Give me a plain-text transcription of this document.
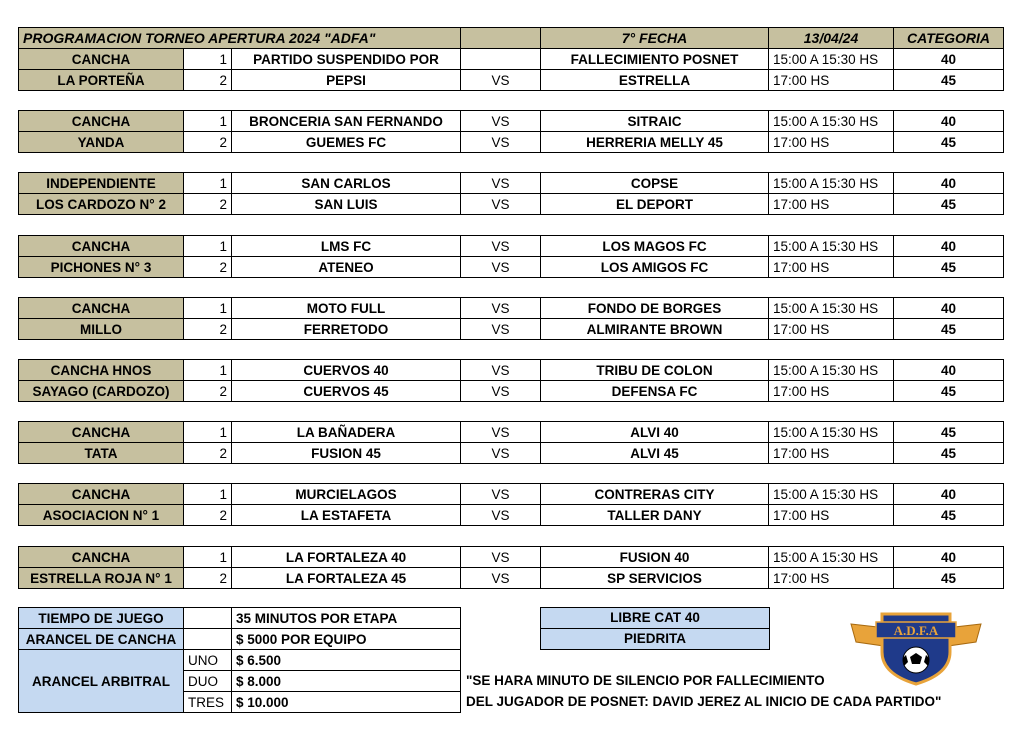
PROGRAMACION TORNEO APERTURA 2024 "ADFA"		7° FECHA	13/04/24	CATEGORIA
CANCHA	1	PARTIDO SUSPENDIDO POR		FALLECIMIENTO POSNET	15:00 A 15:30 HS	40
LA PORTEÑA	2	PEPSI	VS	ESTRELLA	17:00 HS	45
CANCHA	1	BRONCERIA SAN FERNANDO	VS	SITRAIC	15:00 A 15:30 HS	40
YANDA	2	GUEMES FC	VS	HERRERIA MELLY 45	17:00 HS	45
INDEPENDIENTE	1	SAN CARLOS	VS	COPSE	15:00 A 15:30 HS	40
LOS CARDOZO N° 2	2	SAN LUIS	VS	EL DEPORT	17:00 HS	45
CANCHA	1	LMS FC	VS	LOS MAGOS FC	15:00 A 15:30 HS	40
PICHONES N° 3	2	ATENEO	VS	LOS AMIGOS FC	17:00 HS	45
CANCHA	1	MOTO FULL	VS	FONDO DE BORGES	15:00 A 15:30 HS	40
MILLO	2	FERRETODO	VS	ALMIRANTE BROWN	17:00 HS	45
CANCHA HNOS	1	CUERVOS 40	VS	TRIBU DE COLON	15:00 A 15:30 HS	40
SAYAGO (CARDOZO)	2	CUERVOS 45	VS	DEFENSA FC	17:00 HS	45
CANCHA	1	LA BAÑADERA	VS	ALVI 40	15:00 A 15:30 HS	45
TATA	2	FUSION 45	VS	ALVI 45	17:00 HS	45
CANCHA	1	MURCIELAGOS	VS	CONTRERAS CITY	15:00 A 15:30 HS	40
ASOCIACION N° 1	2	LA ESTAFETA	VS	TALLER DANY	17:00 HS	45
CANCHA	1	LA FORTALEZA 40	VS	FUSION 40	15:00 A 15:30 HS	40
ESTRELLA ROJA N° 1	2	LA FORTALEZA 45	VS	SP SERVICIOS	17:00 HS	45
TIEMPO DE JUEGO		35 MINUTOS POR ETAPA
ARANCEL DE CANCHA		$ 5000 POR EQUIPO
ARANCEL ARBITRAL	UNO	$ 6.500
	DUO	$ 8.000
	TRES	$ 10.000
LIBRE CAT 40
PIEDRITA
"SE HARA MINUTO DE SILENCIO POR FALLECIMIENTO
DEL JUGADOR DE POSNET: DAVID JEREZ AL INICIO DE CADA PARTIDO"
A.D.F.A
